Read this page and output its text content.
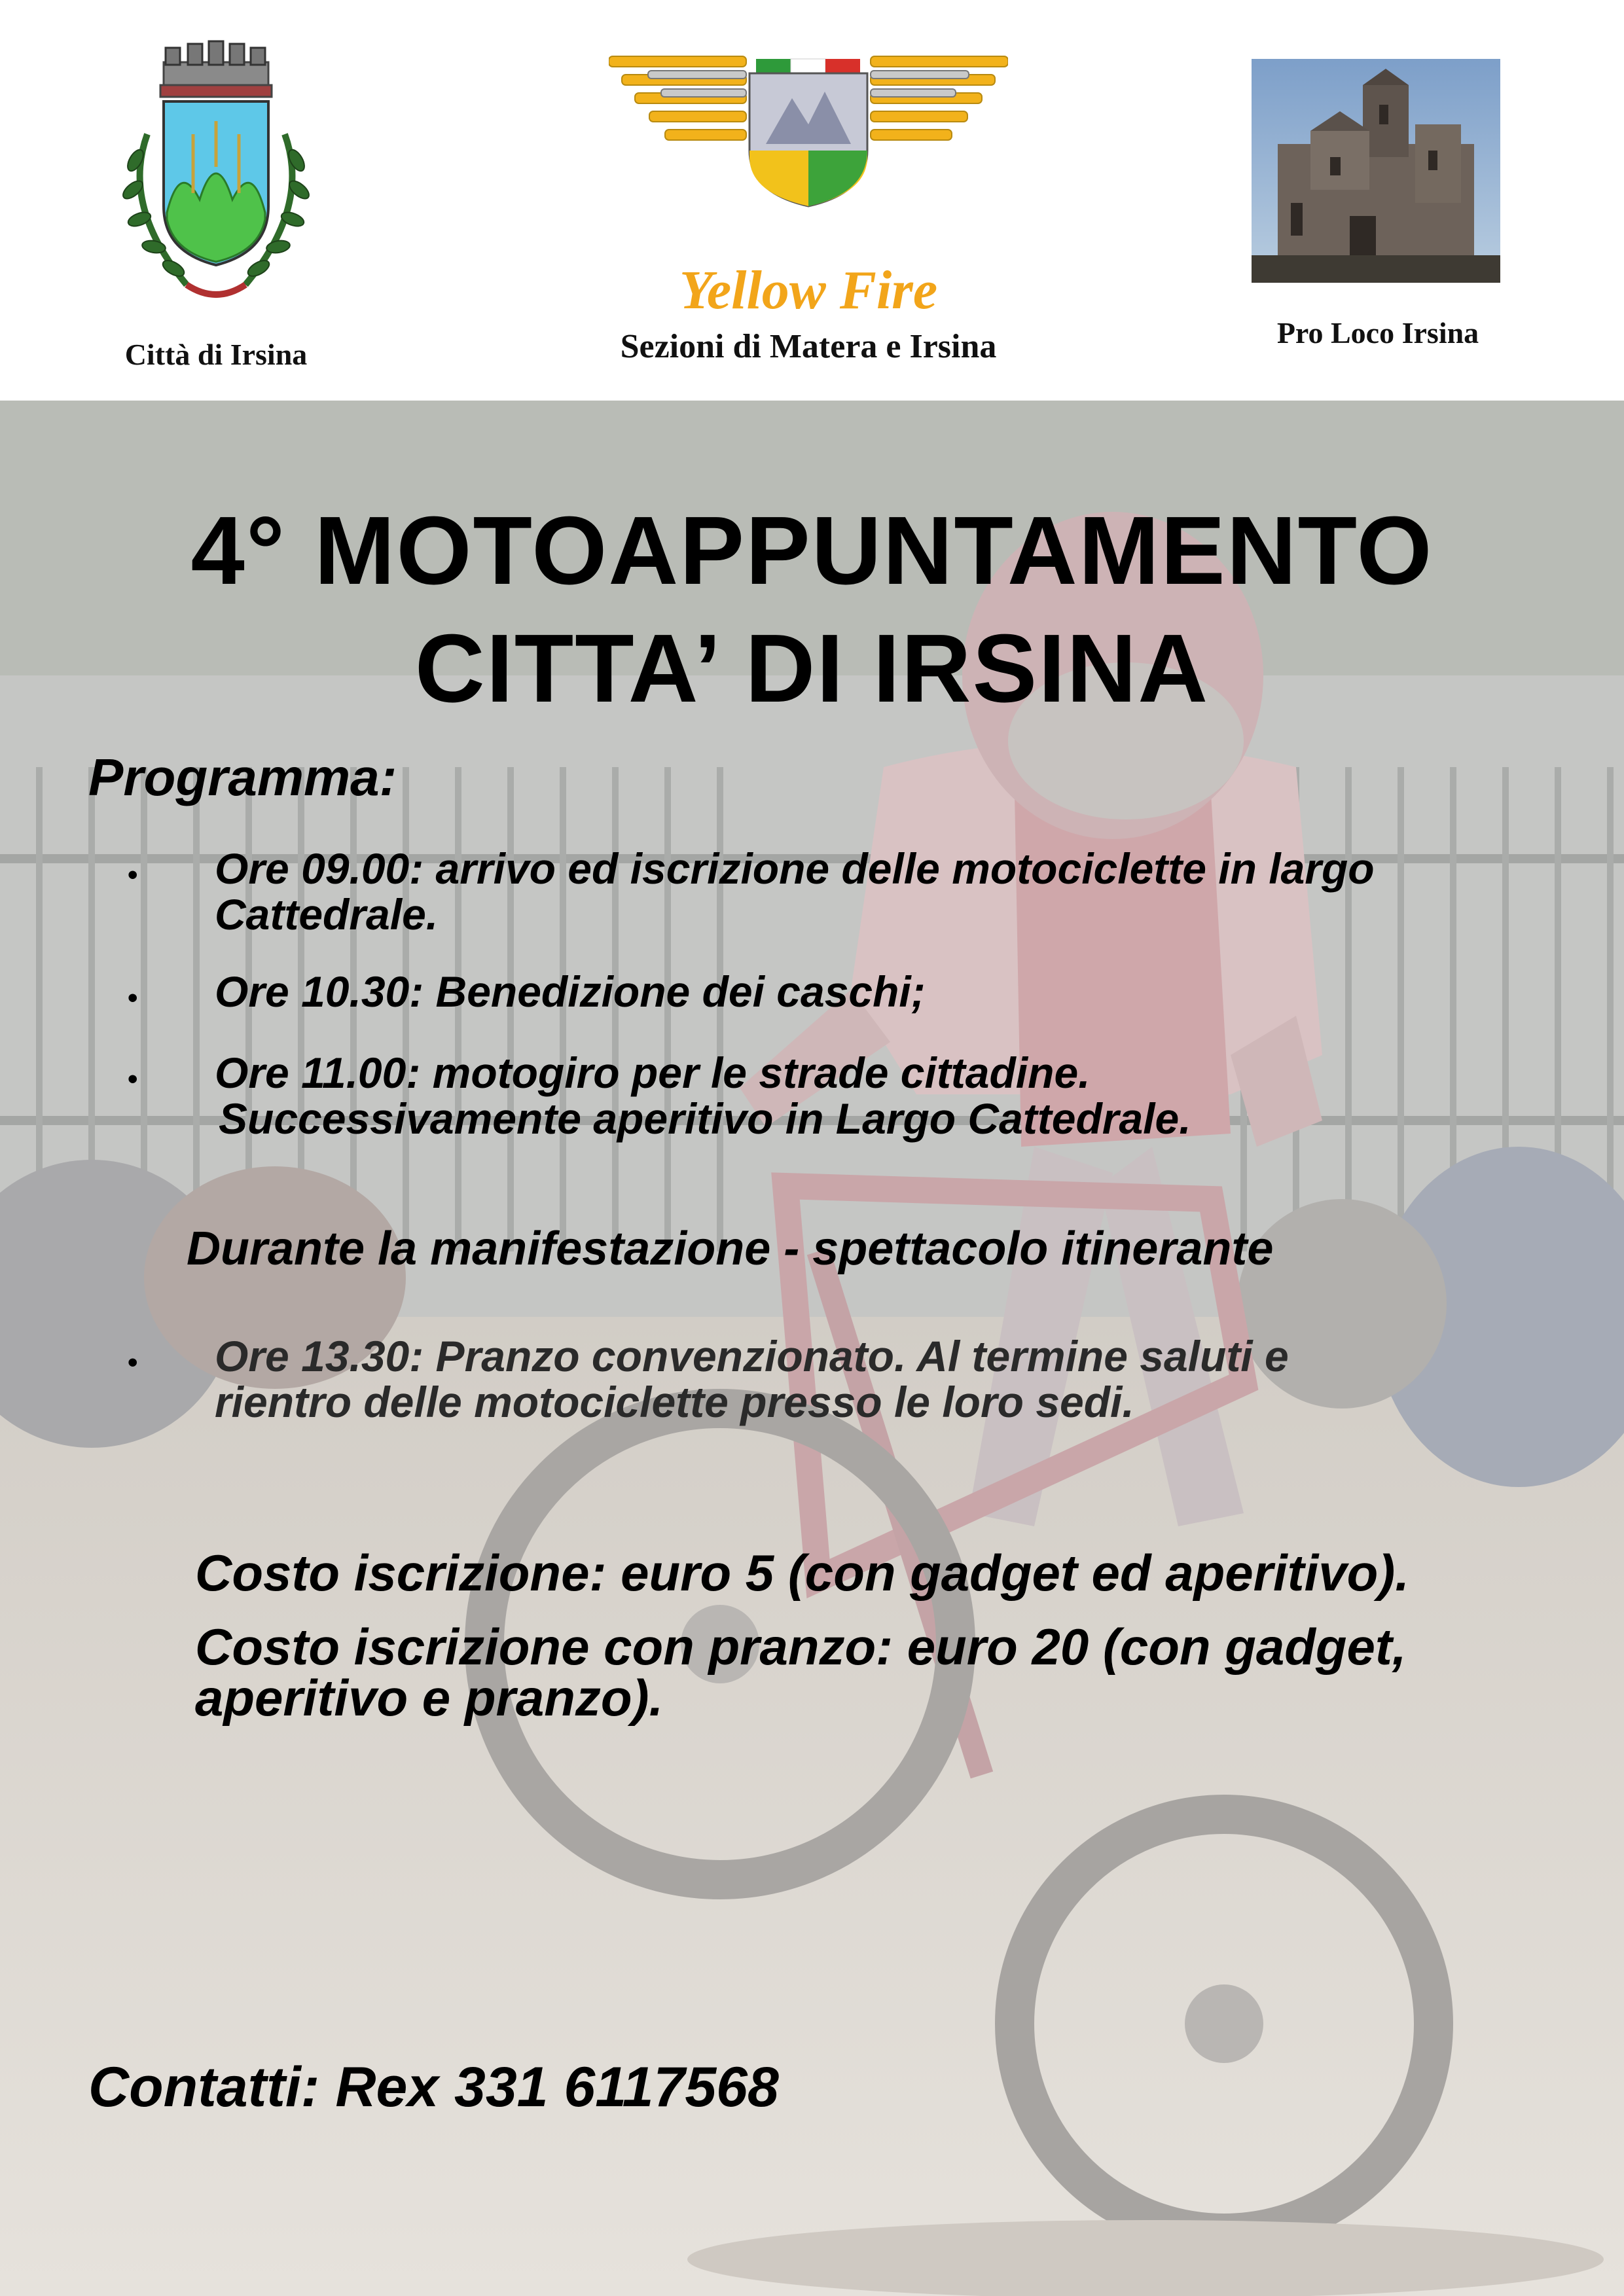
Città di Irsina
Yellow Fire
Sezioni di Matera e Irsina	Pro Loco Irsina
4° MOTOAPPUNTAMENTO
CITTA’ DI IRSINA
Programma:
• Ore 09.00: arrivo ed iscrizione delle motociclette in largo
Cattedrale.
• Ore 10.30: Benedizione dei caschi;
• Ore 11.00: motogiro per le strade cittadine.
Successivamente aperitivo in Largo Cattedrale.
Durante la manifestazione - spettacolo itinerante
• Ore 13.30: Pranzo convenzionato. Al termine saluti e
rientro delle motociclette presso le loro sedi.
Costo iscrizione: euro 5 (con gadget ed aperitivo).
Costo iscrizione con pranzo: euro 20 (con gadget,
aperitivo e pranzo).
Contatti: Rex 331 6117568
